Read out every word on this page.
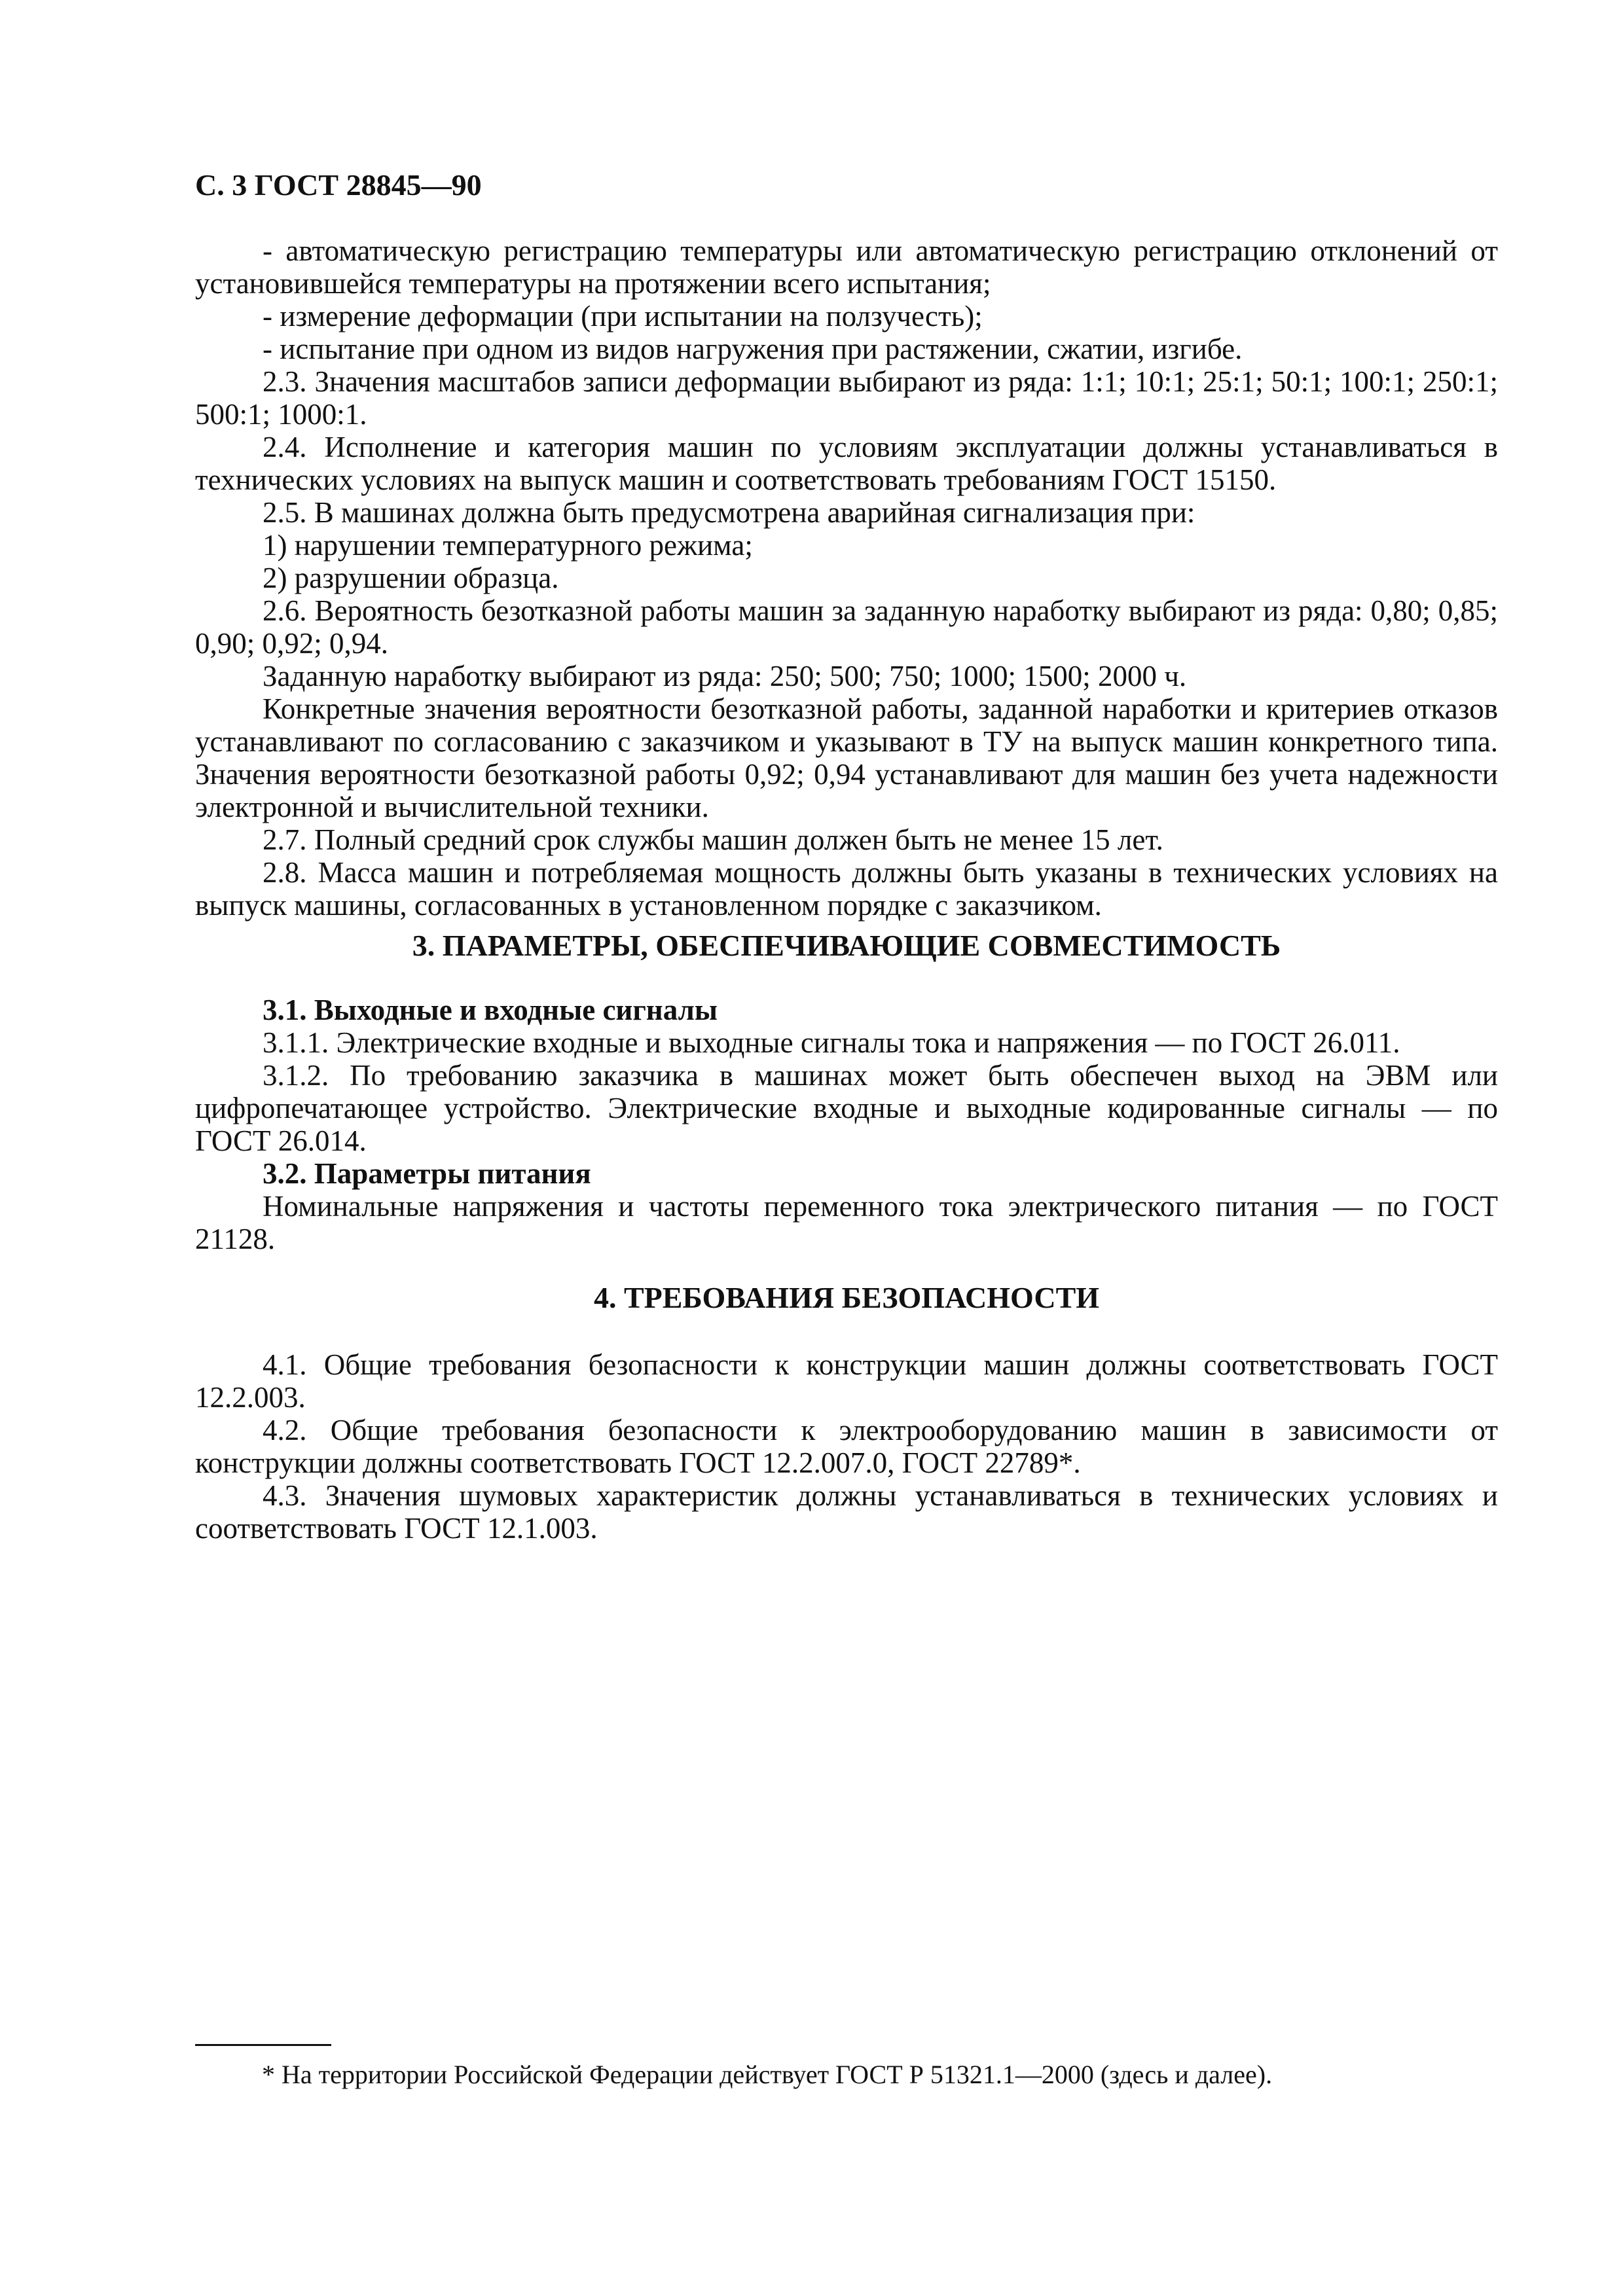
С. 3 ГОСТ 28845—90

- автоматическую регистрацию температуры или автоматическую регистрацию отклонений от установившейся температуры на протяжении всего испытания;

- измерение деформации (при испытании на ползучесть);

- испытание при одном из видов нагружения при растяжении, сжатии, изгибе.

2.3. Значения масштабов записи деформации выбирают из ряда: 1:1; 10:1; 25:1; 50:1; 100:1; 250:1; 500:1; 1000:1.

2.4. Исполнение и категория машин по условиям эксплуатации должны устанавливаться в технических условиях на выпуск машин и соответствовать требованиям ГОСТ 15150.

2.5. В машинах должна быть предусмотрена аварийная сигнализация при:

1) нарушении температурного режима;

2) разрушении образца.

2.6. Вероятность безотказной работы машин за заданную наработку выбирают из ряда: 0,80; 0,85; 0,90; 0,92; 0,94.

Заданную наработку выбирают из ряда: 250; 500; 750; 1000; 1500; 2000 ч.

Конкретные значения вероятности безотказной работы, заданной наработки и критериев отказов устанавливают по согласованию с заказчиком и указывают в ТУ на выпуск машин конкретного типа. Значения вероятности безотказной работы 0,92; 0,94 устанавливают для машин без учета надежности электронной и вычислительной техники.

2.7. Полный средний срок службы машин должен быть не менее 15 лет.

2.8. Масса машин и потребляемая мощность должны быть указаны в технических условиях на выпуск машины, согласованных в установленном порядке с заказчиком.

3. ПАРАМЕТРЫ, ОБЕСПЕЧИВАЮЩИЕ СОВМЕСТИМОСТЬ

3.1. Выходные и входные сигналы

3.1.1. Электрические входные и выходные сигналы тока и напряжения — по ГОСТ 26.011.

3.1.2. По требованию заказчика в машинах может быть обеспечен выход на ЭВМ или цифропечатающее устройство. Электрические входные и выходные кодированные сигналы — по ГОСТ 26.014.

3.2. Параметры питания

Номинальные напряжения и частоты переменного тока электрического питания — по ГОСТ 21128.

4. ТРЕБОВАНИЯ БЕЗОПАСНОСТИ

4.1. Общие требования безопасности к конструкции машин должны соответствовать ГОСТ 12.2.003.

4.2. Общие требования безопасности к электрооборудованию машин в зависимости от конструкции должны соответствовать ГОСТ 12.2.007.0, ГОСТ 22789*.

4.3. Значения шумовых характеристик должны устанавливаться в технических условиях и соответствовать ГОСТ 12.1.003.

* На территории Российской Федерации действует ГОСТ Р 51321.1—2000 (здесь и далее).
